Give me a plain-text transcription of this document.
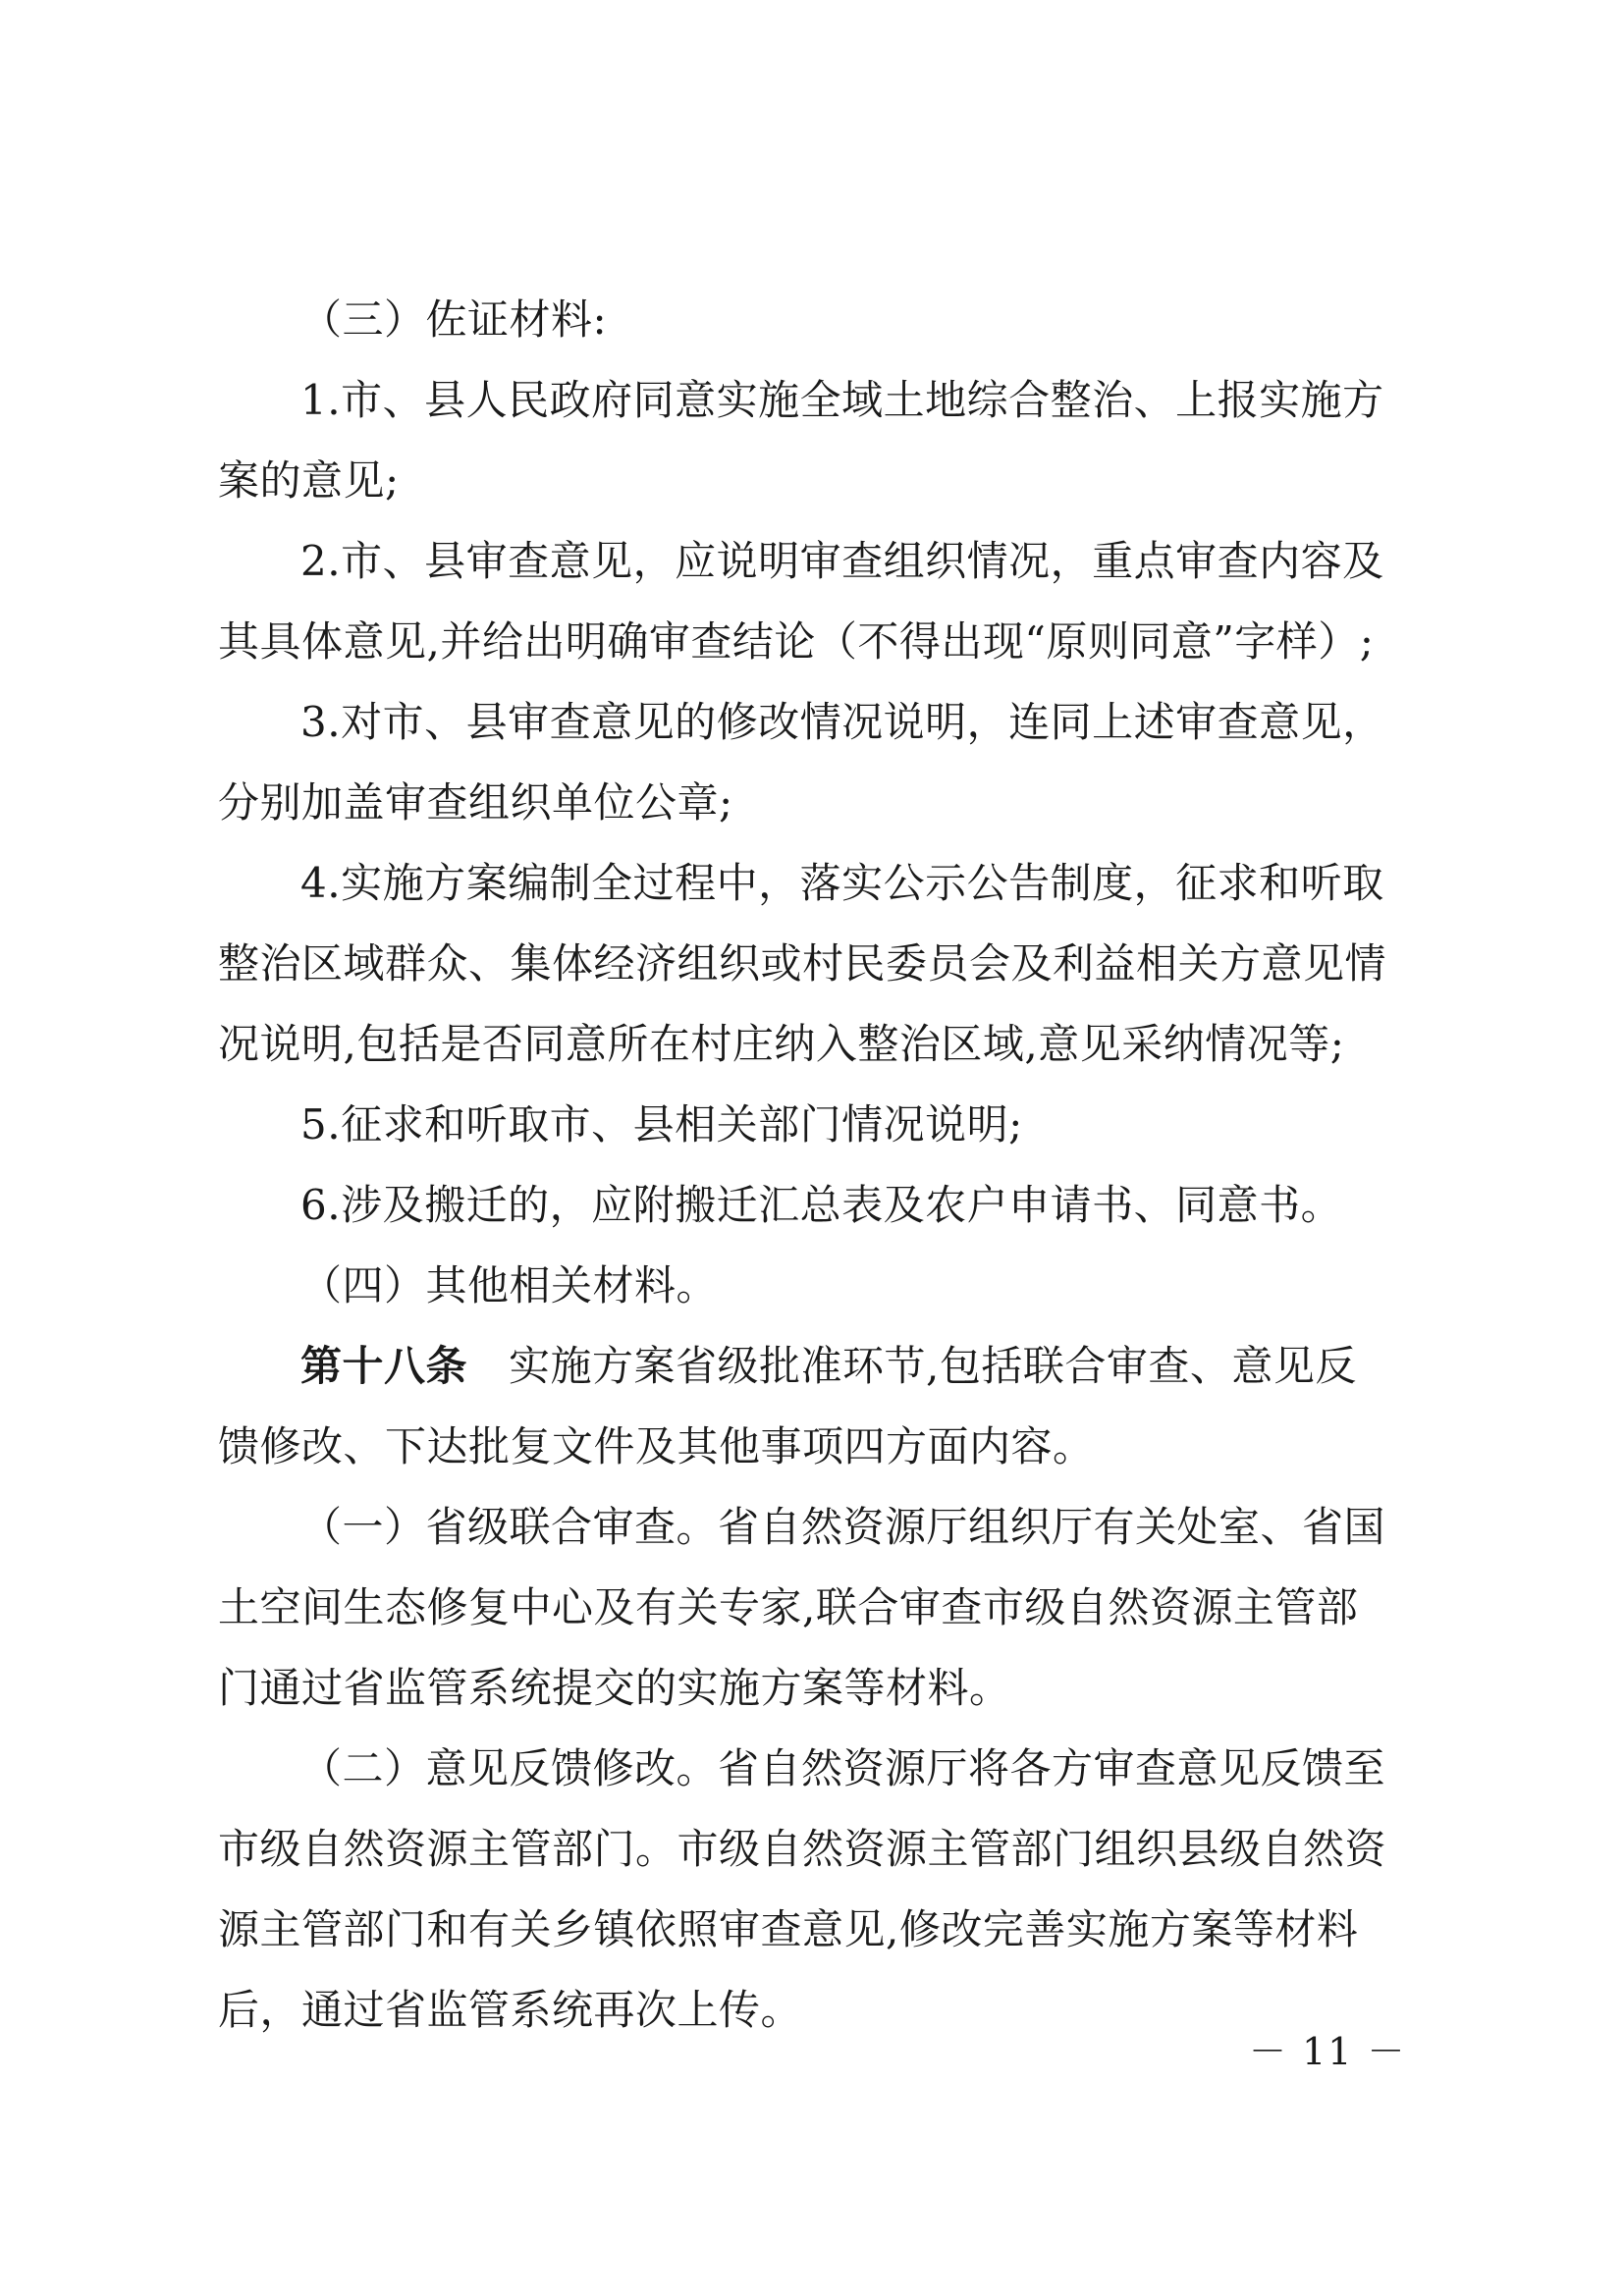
（三）佐证材料:
1.市、县人民政府同意实施全域土地综合整治、上报实施方
案的意见;
2.市、县审查意见，应说明审查组织情况，重点审查内容及
其具体意见,并给出明确审查结论（不得出现“原则同意”字样）;
3.对市、县审查意见的修改情况说明，连同上述审查意见，
分别加盖审查组织单位公章;
4.实施方案编制全过程中，落实公示公告制度，征求和听取
整治区域群众、集体经济组织或村民委员会及利益相关方意见情
况说明,包括是否同意所在村庄纳入整治区域,意见采纳情况等;
5.征求和听取市、县相关部门情况说明;
6.涉及搬迁的，应附搬迁汇总表及农户申请书、同意书。
（四）其他相关材料。
第十八条 实施方案省级批准环节,包括联合审查、意见反
馈修改、下达批复文件及其他事项四方面内容。
（一）省级联合审查。省自然资源厅组织厅有关处室、省国
土空间生态修复中心及有关专家,联合审查市级自然资源主管部
门通过省监管系统提交的实施方案等材料。
（二）意见反馈修改。省自然资源厅将各方审查意见反馈至
市级自然资源主管部门。市级自然资源主管部门组织县级自然资
源主管部门和有关乡镇依照审查意见,修改完善实施方案等材料
后，通过省监管系统再次上传。
－ 11 －
